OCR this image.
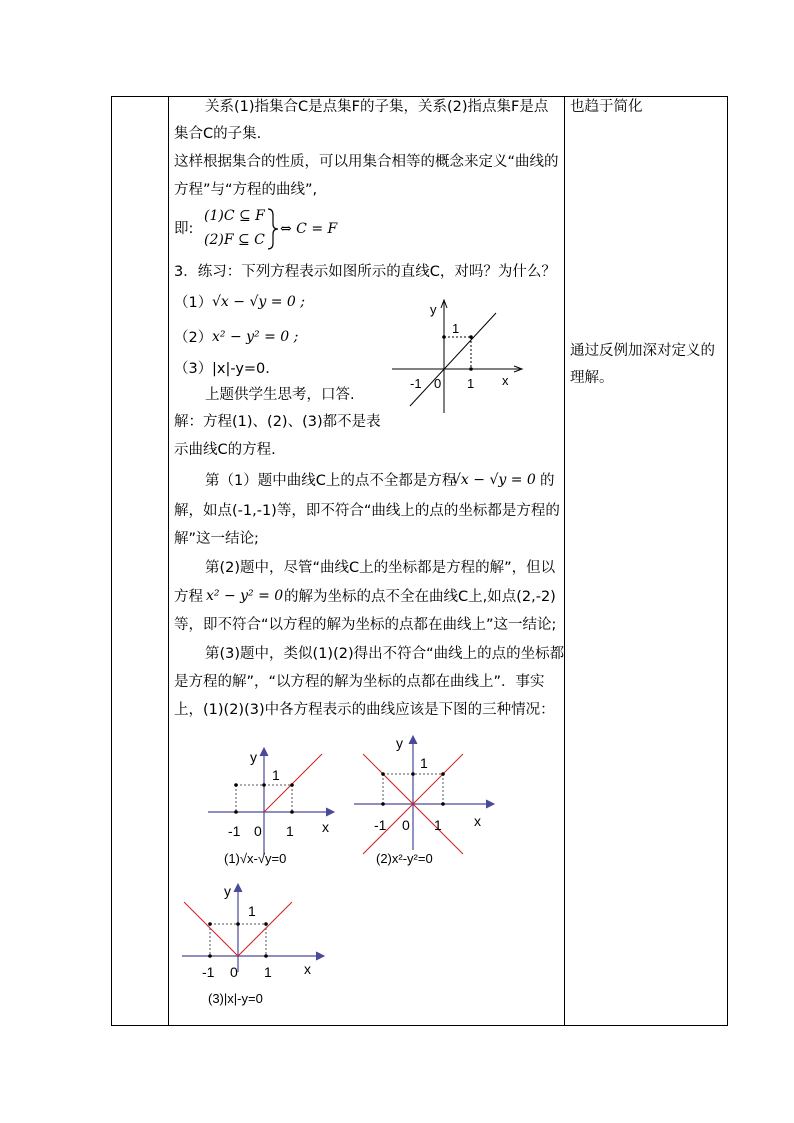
关系(1)指集合C是点集F的子集，关系(2)指点集F是点
集合C的子集.
这样根据集合的性质，可以用集合相等的概念来定义“曲线的
方程”与“方程的曲线”,
即:
(1)C ⊆ F
(2)F ⊆ C
⇔ C = F
3．练习：下列方程表示如图所示的直线C，对吗？为什么？
（1） √x − √y = 0 ;
（2） x² − y² = 0 ;
（3） |x|-y=0.
上题供学生思考，口答.
解：方程(1)、(2)、(3)都不是表
示曲线C的方程.
y
1
-1 0 1 x
第（1）题中曲线C上的点不全都是方程
√x − √y = 0 的
解，如点(-1,-1)等，即不符合“曲线上的点的坐标都是方程的
解”这一结论;
第(2)题中，尽管“曲线C上的坐标都是方程的解”，但以
方程 x² − y² = 0 的解为坐标的点不全在曲线C上,如点(2,-2)
等，即不符合“以方程的解为坐标的点都在曲线上”这一结论;
第(3)题中，类似(1)(2)得出不符合“曲线上的点的坐标都
是方程的解”，“以方程的解为坐标的点都在曲线上”．事实
上，(1)(2)(3)中各方程表示的曲线应该是下图的三种情况：
y
1
-1 0 1 x
(1)√x-√y=0
y
1
-1 0 1 x
(2)x²-y²=0
y
1
-1 0 1 x
(3)|x|-y=0
也趋于简化
通过反例加深对定义的理解。
